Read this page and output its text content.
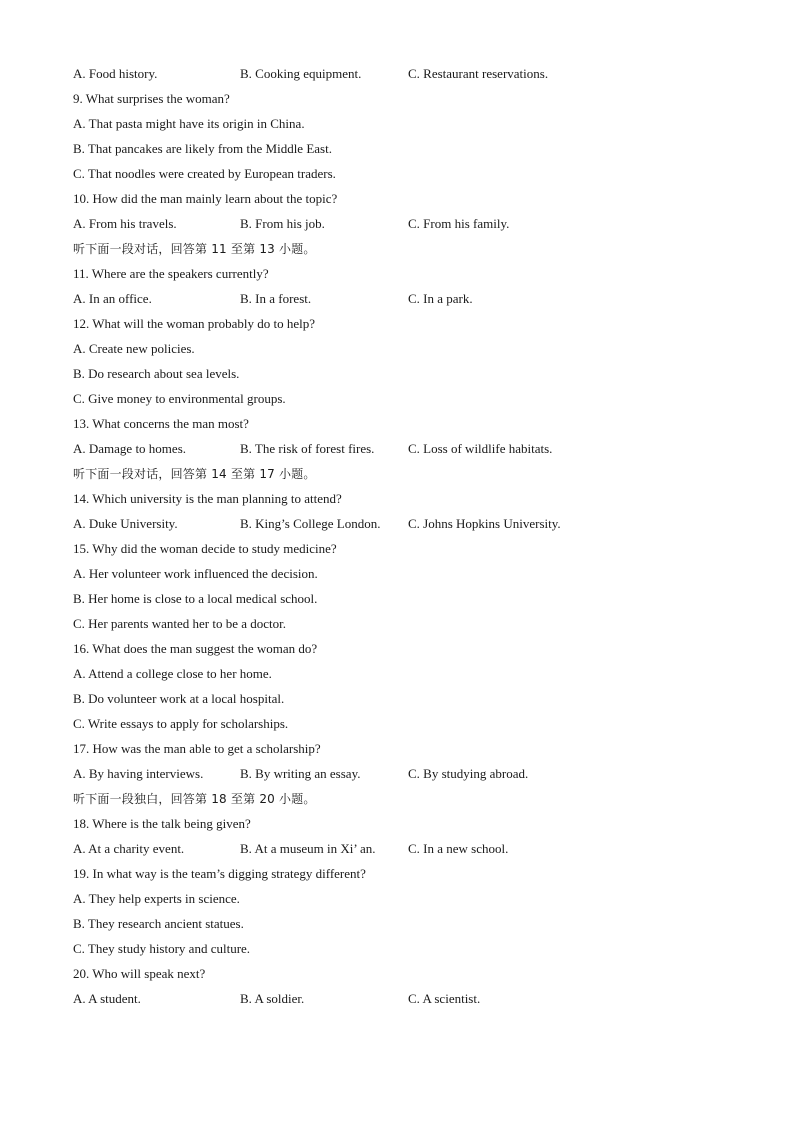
A. Food history.	B. Cooking equipment.	C. Restaurant reservations.
9. What surprises the woman?
A. That pasta might have its origin in China.
B. That pancakes are likely from the Middle East.
C. That noodles were created by European traders.
10. How did the man mainly learn about the topic?
A. From his travels.	B. From his job.	C. From his family.
听下面一段对话，回答第 11 至第 13 小题。
11. Where are the speakers currently?
A. In an office.	B. In a forest.	C. In a park.
12. What will the woman probably do to help?
A. Create new policies.
B. Do research about sea levels.
C. Give money to environmental groups.
13. What concerns the man most?
A. Damage to homes.	B. The risk of forest fires.	C. Loss of wildlife habitats.
听下面一段对话，回答第 14 至第 17 小题。
14. Which university is the man planning to attend?
A. Duke University.	B. King’s College London. C. Johns Hopkins University.
15. Why did the woman decide to study medicine?
A. Her volunteer work influenced the decision.
B. Her home is close to a local medical school.
C. Her parents wanted her to be a doctor.
16. What does the man suggest the woman do?
A. Attend a college close to her home.
B. Do volunteer work at a local hospital.
C. Write essays to apply for scholarships.
17. How was the man able to get a scholarship?
A. By having interviews.	B. By writing an essay.	C. By studying abroad.
听下面一段独白，回答第 18 至第 20 小题。
18. Where is the talk being given?
A. At a charity event.	B. At a museum in Xi’ an. C. In a new school.
19. In what way is the team’s digging strategy different?
A. They help experts in science.
B. They research ancient statues.
C. They study history and culture.
20. Who will speak next?
A. A student.	B. A soldier.	C. A scientist.
